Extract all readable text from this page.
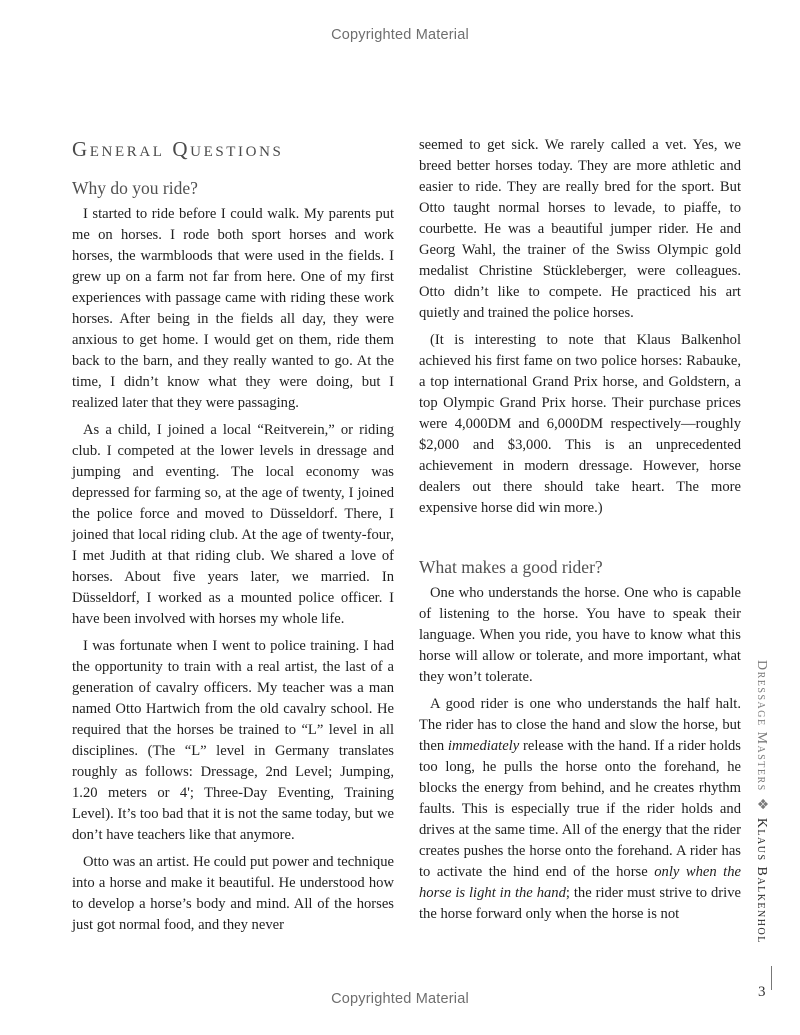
Copyrighted Material
General Questions
Why do you ride?

I started to ride before I could walk. My parents put me on horses. I rode both sport horses and work horses, the warmbloods that were used in the fields. I grew up on a farm not far from here. One of my first experiences with passage came with riding these work horses. After being in the fields all day, they were anxious to get home. I would get on them, ride them back to the barn, and they really wanted to go. At the time, I didn’t know what they were doing, but I realized later that they were passaging.

As a child, I joined a local “Reitverein,” or riding club. I competed at the lower levels in dressage and jumping and eventing. The local economy was depressed for farming so, at the age of twenty, I joined the police force and moved to Düsseldorf. There, I joined that local riding club. At the age of twenty-four, I met Judith at that riding club. We shared a love of horses. About five years later, we married. In Düsseldorf, I worked as a mounted police officer. I have been involved with horses my whole life.

I was fortunate when I went to police training. I had the opportunity to train with a real artist, the last of a generation of cavalry officers. My teacher was a man named Otto Hartwich from the old cavalry school. He required that the horses be trained to “L” level in all disciplines. (The “L” level in Germany translates roughly as follows: Dressage, 2nd Level; Jumping, 1.20 meters or 4'; Three-Day Eventing, Training Level). It’s too bad that it is not the same today, but we don’t have teachers like that anymore.

Otto was an artist. He could put power and technique into a horse and make it beautiful. He understood how to develop a horse’s body and mind. All of the horses just got normal food, and they never

seemed to get sick. We rarely called a vet. Yes, we breed better horses today. They are more athletic and easier to ride. They are really bred for the sport. But Otto taught normal horses to levade, to piaffe, to courbette. He was a beautiful jumper rider. He and Georg Wahl, the trainer of the Swiss Olympic gold medalist Christine Stückleberger, were colleagues. Otto didn’t like to compete. He practiced his art quietly and trained the police horses.

(It is interesting to note that Klaus Balkenhol achieved his first fame on two police horses: Rabauke, a top international Grand Prix horse, and Goldstern, a top Olympic Grand Prix horse. Their purchase prices were 4,000DM and 6,000DM respectively—roughly $2,000 and $3,000. This is an unprecedented achievement in modern dressage. However, horse dealers out there should take heart. The more expensive horse did win more.)

What makes a good rider?

One who understands the horse. One who is capable of listening to the horse. You have to speak their language. When you ride, you have to know what this horse will allow or tolerate, and more important, what they won’t tolerate.

A good rider is one who understands the half halt. The rider has to close the hand and slow the horse, but then immediately release with the hand. If a rider holds too long, he pulls the horse onto the forehand, he blocks the energy from behind, and he creates rhythm faults. This is especially true if the rider holds and drives at the same time. All of the energy that the rider creates pushes the horse onto the forehand. A rider has to activate the hind end of the horse only when the horse is light in the hand; the rider must strive to drive the horse forward only when the horse is not

Dressage Masters❖Klaus Balkenhol
3
Copyrighted Material
